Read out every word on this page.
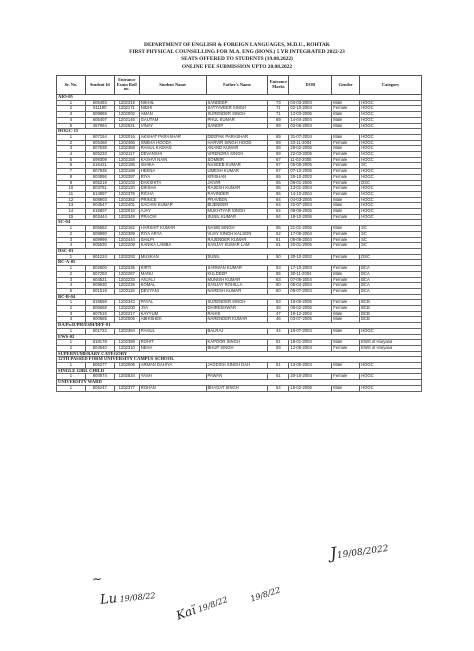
DEPARTMENT OF ENGLISH & FOREIGN LANGUAGES, M.D.U., ROHTAK
FIRST PHYSICAL COUNSELLING FOR M.A. ENG (HONS.) 5 YR INTEGRATED 2022-23
SEATS OFFERED TO STUDENTS (19.08.2022)
ONLINE FEE SUBMISSION UPTO 20.08.2022
Sr. No.	Student Id	Entrance Exam Roll no.	Student Name	Father's Name	Entrance Marks	DOB	Gender	Category
AIO-05								
1	605493	1202319	NIKHIL	SANDEEP	73	04-03-2004	Male	HOGC
2	611190	1202171	NIDHI	SATYAVEER SINGH	71	02-10-2004	Female	HOGC
3	609868	1202002	AMAN	SURENDER SINGH	71	12-03-2005	Male	HOGC
4	605407	1202145	GAUTAM	PHUL KUMAR	69	14-04-2004	Male	HOGC
5	457964	1202521	VINAY	SANDIP	69	02-06-2004	Male	HOGC
HOGC-15								
1	607154	1202016	AKSHAT PARASHAR	DEEPAK PARASHAR	69	31-07-2004	Male	HOGC
2	605468	1202466	SNEHA HOODA	HARVIR SINGH HOOD	69	23-11-2004	Female	HOGC
3	607538	1202368	RAHUL KADIAN	ANAND KUMAR	69	28-02-2005	Male	HOGC
4	605233	1202117	DEVANSHI	VIRENDRA SINGH	69	22-03-2005	Female	HOGC
5	599309	1202158	KASHVI NAIN	SOMBIR	67	11-02-2005	Female	HOGC
6	616421	1202185	ISHIKA	NASEEB KUMAR	67	05-06-2005	Female	SC
7	607935	1202168	HEENA	UMESH KUMAR	67	07-10-2005	Female	HOGC
8	603956	1202397	RIYA	KRISHAN	65	26-10-2003	Female	HOGC
9	605219	1202103	DAKSHITA	JAIVIR	65	06-01-2006	Female	DSC
10	603751	1202120	DIKSHA	RAJESH KUMAR	65	13-01-2004	Female	HOGC
11	614897	1202376	RICHA	RAVINDER	65	14-10-2004	Female	HOGC
12	608903	1202352	PRINCE	PRAVEEN	64	04-03-2005	Male	HOGC
13	603547	1202401	SACHIN KUMAR	BIJENDER	64	22-07-2004	Male	HOGC
14	616607	1202010	AJAY	MUKHTYAR SINGH	64	09-09-2005	Male	HOGC
15	603444	1202349	PRACHI	SUNIL KUMAR	64	18-10-2006	Female	HOGC
SC-04								
1	605552	1202162	HARSHIT KUMAR	NASIB SINGH	65	21-01-2005	Male	SC
2	608990	1202389	RIYA ARYA	VIJAY SINGH KALSON	62	17-09-2004	Female	SC
3	609999	1202444	SHILPI	RAJENDER KUMAR	61	09-06-2004	Female	SC
4	605530	1202209	KANIKA LAMBA	SANJAY KUMAR LAM	61	20-01-2005	Female	SC
DSC-03								
1	601224	1202293	MUSKAN	SUNIL	50	30-10-2002	Female	DSC
BC-A-05								
1	602600	1202235	KIRTI	SARWAN KUMAR	63	17-10-2003	Female	BCA
2	607293	1202267	MANU	KULDEEP	65	30-11-2004	Male	BCA
3	604521	1202233	ANJALI	MUNISH KUMAR	63	07-06-2004	Female	BCA
4	609630	1202226	KOMAL	SANJAY ROHILLA	60	05-04-2004	Female	BCA
5	601518	1202118	DEVYANI	NARESH KUMAR	60	09-07-2004	Female	BCA
BC-B-04								
1	618558	1202343	PAYAL	SURENDER SINGH	53	16-06-2005	Female	BCB
2	606658	1202200	JYA	DHIRESHWAR	48	08-02-2005	Female	BCB
3	607515	1202217	KAYYUM	RAHIS	47	19-12-2004	Male	BCB
4	600685	1202005	ABHISHEK	NARENDER KUMAR	46	03-07-2005	Male	BCB
DA/PwD/PH/ESM/DFF-01								
1	601722	1202364	RAHUL	BALRAJ	44	15-07-2004	Male	HOGC
EWS-02								
1	618178	1202399	ROHIT	KAPOOR SINGH	61	19-01-2004	Male	EWS of Haryana
2	604540	1202310	NEHA	BHUP SINGH	59	12-06-2004	Female	EWS of Haryana
SUPERNUMERARY CATEGORY								
12TH PASSED FORM UNIVERSITY CAMPUS SCHOOL								
1	606277	1202006	ARMAN DAHIYA	JAGDISH SINGH DAH	51	13-05-2004	Male	HOGC
SINGLE GIRL CHILD								
1	600874	1202534	YASH	PAWAN	61	20-10-2004	Female	HOGC
UNIVERSITY WARD								
1	605247	1202377	ROHAN	BHAGAT SINGH	54	15-02-2006	Male	HOGC
J19/08/2022
Lu 19/08/22
Kaï 19/8/22
19/8/22
~
